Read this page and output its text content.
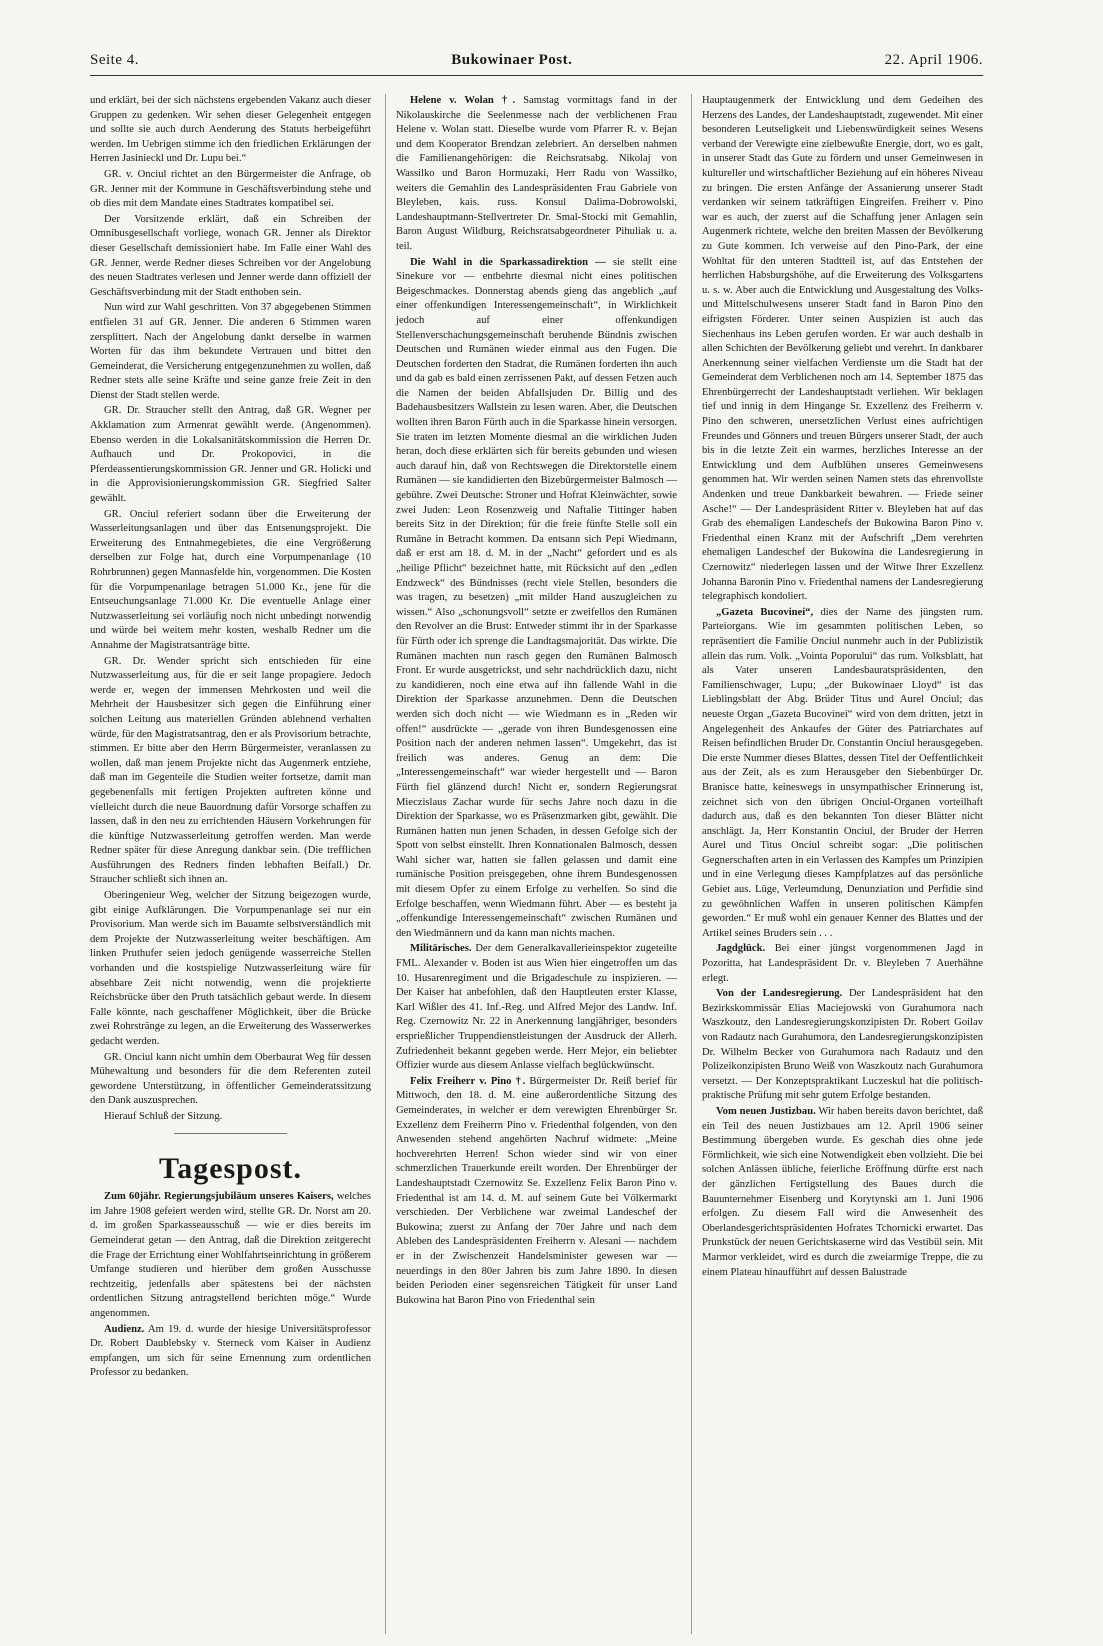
Seite 4.	Bukowinaer Post.	22. April 1906.

und erklärt, bei der sich nächstens ergebenden Vakanz auch dieser Gruppen zu gedenken. Wir sehen dieser Gelegenheit entgegen und sollte sie auch durch Aenderung des Statuts herbeigeführt werden. Im Uebrigen stimme ich den friedlichen Erklärungen der Herren Jasinieckl und Dr. Lupu bei.“

GR. v. Onciul richtet an den Bürgermeister die Anfrage, ob GR. Jenner mit der Kommune in Geschäftsverbindung stehe und ob dies mit dem Mandate eines Stadtrates kompatibel sei.

Der Vorsitzende erklärt, daß ein Schreiben der Omnibusgesellschaft vorliege, wonach GR. Jenner als Direktor dieser Gesellschaft demissioniert habe. Im Falle einer Wahl des GR. Jenner, werde Redner dieses Schreiben vor der Angelobung des neuen Stadtrates verlesen und Jenner werde dann offiziell der Geschäftsverbindung mit der Stadt enthoben sein.

Nun wird zur Wahl geschritten. Von 37 abgegebenen Stimmen entfielen 31 auf GR. Jenner. Die anderen 6 Stimmen waren zersplittert. Nach der Angelobung dankt derselbe in warmen Worten für das ihm bekundete Vertrauen und bittet den Gemeinderat, die Versicherung entgegenzunehmen zu wollen, daß Redner stets alle seine Kräfte und seine ganze freie Zeit in den Dienst der Stadt stellen werde.

GR. Dr. Straucher stellt den Antrag, daß GR. Wegner per Akklamation zum Armenrat gewählt werde. (Angenommen). Ebenso werden in die Lokalsanitätskommission die Herren Dr. Aufhauch und Dr. Prokopovici, in die Pferdeassentierungskommission GR. Jenner und GR. Holicki und in die Approvisionierungskommission GR. Siegfried Salter gewählt.

GR. Onciul referiert sodann über die Erweiterung der Wasserleitungsanlagen und über das Entsenungsprojekt. Die Erweiterung des Entnahmegebietes, die eine Vergrößerung derselben zur Folge hat, durch eine Vorpumpenanlage (10 Rohrbrunnen) gegen Mannasfelde hin, vorgenommen. Die Kosten für die Vorpumpenanlage betragen 51.000 Kr., jene für die Entseuchungsanlage 71.000 Kr. Die eventuelle Anlage einer Nutzwasserleitung sei vorläufig noch nicht unbedingt notwendig und würde bei weitem mehr kosten, weshalb Redner um die Annahme der Magistratsanträge bitte.

GR. Dr. Wender spricht sich entschieden für eine Nutzwasserleitung aus, für die er seit lange propagiere. Jedoch werde er, wegen der immensen Mehrkosten und weil die Mehrheit der Hausbesitzer sich gegen die Einführung einer solchen Leitung aus materiellen Gründen ablehnend verhalten würde, für den Magistratsantrag, den er als Provisorium betrachte, stimmen. Er bitte aber den Herrn Bürgermeister, veranlassen zu wollen, daß man jenem Projekte nicht das Augenmerk entziehe, daß man im Gegenteile die Studien weiter fortsetze, damit man gegebenenfalls mit fertigen Projekten auftreten könne und vielleicht durch die neue Bauordnung dafür Vorsorge schaffen zu lassen, daß in den neu zu errichtenden Häusern Vorkehrungen für die künftige Nutzwasserleitung getroffen werden. Man werde Redner später für diese Anregung dankbar sein. (Die trefflichen Ausführungen des Redners finden lebhaften Beifall.) Dr. Straucher schließt sich ihnen an.

Oberingenieur Weg, welcher der Sitzung beigezogen wurde, gibt einige Aufklärungen. Die Vorpumpenanlage sei nur ein Provisorium. Man werde sich im Bauamte selbstverständlich mit dem Projekte der Nutzwasserleitung weiter beschäftigen. Am linken Pruthufer seien jedoch genügende wasserreiche Stellen vorhanden und die kostspielige Nutzwasserleitung wäre für absehbare Zeit nicht notwendig, wenn die projektierte Reichsbrücke über den Pruth tatsächlich gebaut werde. In diesem Falle könnte, nach geschaffener Möglichkeit, über die Brücke zwei Rohrstränge zu legen, an die Erweiterung des Wasserwerkes gedacht werden.

GR. Onciul kann nicht umhin dem Oberbaurat Weg für dessen Mühewaltung und besonders für die dem Referenten zuteil gewordene Unterstützung, in öffentlicher Gemeinderatssitzung den Dank auszusprechen.

Hierauf Schluß der Sitzung.

Tagespost.

Zum 60jähr. Regierungsjubiläum unseres Kaisers, welches im Jahre 1908 gefeiert werden wird, stellte GR. Dr. Norst am 20. d. im großen Sparkasseausschuß — wie er dies bereits im Gemeinderat getan — den Antrag, daß die Direktion zeitgerecht die Frage der Errichtung einer Wohlfahrtseinrichtung in größerem Umfange studieren und hierüber dem großen Ausschusse rechtzeitig, jedenfalls aber spätestens bei der nächsten ordentlichen Sitzung antragstellend berichten möge.“ Wurde angenommen.

Audienz. Am 19. d. wurde der hiesige Universitätsprofessor Dr. Robert Daublebsky v. Sterneck vom Kaiser in Audienz empfangen, um sich für seine Ernennung zum ordentlichen Professor zu bedanken.

Helene v. Wolan †. Samstag vormittags fand in der Nikolauskirche die Seelenmesse nach der verblichenen Frau Helene v. Wolan statt. Dieselbe wurde vom Pfarrer R. v. Bejan und dem Kooperator Brendzan zelebriert. An derselben nahmen die Familienangehörigen: die Reichsratsabg. Nikolaj von Wassilko und Baron Hormuzaki, Herr Radu von Wassilko, weiters die Gemahlin des Landespräsidenten Frau Gabriele von Bleyleben, kais. russ. Konsul Dalima-Dobrowolski, Landeshauptmann-Stellvertreter Dr. Smal-Stocki mit Gemahlin, Baron August Wildburg, Reichsratsabgeordneter Pihuliak u. a. teil.

Die Wahl in die Sparkassadirektion — sie stellt eine Sinekure vor — entbehrte diesmal nicht eines politischen Beigeschmackes. Donnerstag abends gieng das angeblich „auf einer offenkundigen Interessengemeinschaft“, in Wirklichkeit jedoch auf einer offenkundigen Stellenverschachungsgemeinschaft beruhende Bündnis zwischen Deutschen und Rumänen wieder einmal aus den Fugen. Die Deutschen forderten den Stadrat, die Rumänen forderten ihn auch und da gab es bald einen zerrissenen Pakt, auf dessen Fetzen auch die Namen der beiden Abfallsjuden Dr. Billig und des Badehausbesitzers Wallstein zu lesen waren. Aber, die Deutschen wollten ihren Baron Fürth auch in die Sparkasse hinein versorgen. Sie traten im letzten Momente diesmal an die wirklichen Juden heran, doch diese erklärten sich für bereits gebunden und wiesen auch darauf hin, daß von Rechtswegen die Direktorstelle einem Rumänen — sie kandidierten den Bizebürgermeister Balmosch — gebühre. Zwei Deutsche: Stroner und Hofrat Kleinwächter, sowie zwei Juden: Leon Rosenzweig und Naftalie Tittinger haben bereits Sitz in der Direktion; für die freie fünfte Stelle soll ein Rumäne in Betracht kommen. Da entsann sich Pepi Wiedmann, daß er erst am 18. d. M. in der „Nacht“ gefordert und es als „heilige Pflicht“ bezeichnet hatte, mit Rücksicht auf den „edlen Endzweck“ des Bündnisses (recht viele Stellen, besonders die was tragen, zu besetzen) „mit milder Hand auszugleichen zu wissen.“ Also „schonungsvoll“ setzte er zweifellos den Rumänen den Revolver an die Brust: Entweder stimmt ihr in der Sparkasse für Fürth oder ich sprenge die Landtagsmajorität. Das wirkte. Die Rumänen machten nun rasch gegen den Rumänen Balmosch Front. Er wurde ausgetrickst, und sehr nachdrücklich dazu, nicht zu kandidieren, noch eine etwa auf ihn fallende Wahl in die Direktion der Sparkasse anzunehmen. Denn die Deutschen werden sich doch nicht — wie Wiedmann es in „Reden wir offen!“ ausdrückte — „gerade von ihren Bundesgenossen eine Position nach der anderen nehmen lassen“. Umgekehrt, das ist freilich was anderes. Genug an dem: Die „Interessengemeinschaft“ war wieder hergestellt und — Baron Fürth fiel glänzend durch! Nicht er, sondern Regierungsrat Mieczislaus Zachar wurde für sechs Jahre noch dazu in die Direktion der Sparkasse, wo es Präsenzmarken gibt, gewählt. Die Rumänen hatten nun jenen Schaden, in dessen Gefolge sich der Spott von selbst einstellt. Ihren Konnationalen Balmosch, dessen Wahl sicher war, hatten sie fallen gelassen und damit eine rumänische Position preisgegeben, ohne ihrem Bundesgenossen mit diesem Opfer zu einem Erfolge zu verhelfen. So sind die Erfolge beschaffen, wenn Wiedmann führt. Aber — es besteht ja „offenkundige Interessengemeinschaft“ zwischen Rumänen und den Wiedmännern und da kann man nichts machen.

Militärisches. Der dem Generalkavallerieinspektor zugeteilte FML. Alexander v. Boden ist aus Wien hier eingetroffen um das 10. Husarenregiment und die Brigadeschule zu inspizieren. — Der Kaiser hat anbefohlen, daß den Hauptleuten erster Klasse, Karl Wißler des 41. Inf.-Reg. und Alfred Mejor des Landw. Inf. Reg. Czernowitz Nr. 22 in Anerkennung langjähriger, besonders ersprießlicher Truppendienstleistungen der Ausdruck der Allerh. Zufriedenheit bekannt gegeben werde. Herr Mejor, ein beliebter Offizier wurde aus diesem Anlasse vielfach beglückwünscht.

Felix Freiherr v. Pino †. Bürgermeister Dr. Reiß berief für Mittwoch, den 18. d. M. eine außerordentliche Sitzung des Gemeinderates, in welcher er dem verewigten Ehrenbürger Sr. Exzellenz dem Freiherrn Pino v. Friedenthal folgenden, von den Anwesenden stehend angehörten Nachruf widmete: „Meine hochverehrten Herren! Schon wieder sind wir von einer schmerzlichen Trauerkunde ereilt worden. Der Ehrenbürger der Landeshauptstadt Czernowitz Se. Exzellenz Felix Baron Pino v. Friedenthal ist am 14. d. M. auf seinem Gute bei Völkermarkt verschieden. Der Verblichene war zweimal Landeschef der Bukowina; zuerst zu Anfang der 70er Jahre und nach dem Ableben des Landespräsidenten Freiherrn v. Alesani — nachdem er in der Zwischenzeit Handelsminister gewesen war — neuerdings in den 80er Jahren bis zum Jahre 1890. In diesen beiden Perioden einer segensreichen Tätigkeit für unser Land Bukowina hat Baron Pino von Friedenthal sein

Hauptaugenmerk der Entwicklung und dem Gedeihen des Herzens des Landes, der Landeshauptstadt, zugewendet. Mit einer besonderen Leutseligkeit und Liebenswürdigkeit seines Wesens verband der Verewigte eine zielbewußte Energie, dort, wo es galt, in unserer Stadt das Gute zu fördern und unser Gemeinwesen in kultureller und wirtschaftlicher Beziehung auf ein höheres Niveau zu bringen. Die ersten Anfänge der Assanierung unserer Stadt verdanken wir seinem tatkräftigen Eingreifen. Freiherr v. Pino war es auch, der zuerst auf die Schaffung jener Anlagen sein Augenmerk richtete, welche den breiten Massen der Bevölkerung zu Gute kommen. Ich verweise auf den Pino-Park, der eine Wohltat für den unteren Stadtteil ist, auf das Entstehen der herrlichen Habsburgshöhe, auf die Erweiterung des Volksgartens u. s. w. Aber auch die Entwicklung und Ausgestaltung des Volks- und Mittelschulwesens unserer Stadt fand in Baron Pino den eifrigsten Förderer. Unter seinen Auspizien ist auch das Siechenhaus ins Leben gerufen worden. Er war auch deshalb in allen Schichten der Bevölkerung geliebt und verehrt. In dankbarer Anerkennung seiner vielfachen Verdienste um die Stadt hat der Gemeinderat dem Verblichenen noch am 14. September 1875 das Ehrenbürgerrecht der Landeshauptstadt verliehen. Wir beklagen tief und innig in dem Hingange Sr. Exzellenz des Freiherrn v. Pino den schweren, unersetzlichen Verlust eines aufrichtigen Freundes und Gönners und treuen Bürgers unserer Stadt, der auch bis in die letzte Zeit ein warmes, herzliches Interesse an der Entwicklung und dem Aufblühen unseres Gemeinwesens genommen hat. Wir werden seinen Namen stets das ehrenvollste Andenken und treue Dankbarkeit bewahren. — Friede seiner Asche!“ — Der Landespräsident Ritter v. Bleyleben hat auf das Grab des ehemaligen Landeschefs der Bukowina Baron Pino v. Friedenthal einen Kranz mit der Aufschrift „Dem verehrten ehemaligen Landeschef der Bukowina die Landesregierung in Czernowitz“ niederlegen lassen und der Witwe Ihrer Exzellenz Johanna Baronin Pino v. Friedenthal namens der Landesregierung telegraphisch kondoliert.

„Gazeta Bucovinei“, dies der Name des jüngsten rum. Parteiorgans. Wie im gesammten politischen Leben, so repräsentiert die Familie Onciul nunmehr auch in der Publizistik allein das rum. Volk. „Vointa Poporului“ das rum. Volksblatt, hat als Vater unseren Landesbauratspräsidenten, den Familienschwager, Lupu; „der Bukowinaer Lloyd“ ist das Lieblingsblatt der Abg. Brüder Titus und Aurel Onciul; das neueste Organ „Gazeta Bucovinei“ wird von dem dritten, jetzt in Angelegenheit des Ankaufes der Güter des Patriarchates auf Reisen befindlichen Bruder Dr. Constantin Onciul herausgegeben. Die erste Nummer dieses Blattes, dessen Titel der Oeffentlichkeit aus der Zeit, als es zum Herausgeber den Siebenbürger Dr. Branisce hatte, keineswegs in unsympathischer Erinnerung ist, zeichnet sich von den übrigen Onciul-Organen vorteilhaft dadurch aus, daß es den bekannten Ton dieser Blätter nicht anschlägt. Ja, Herr Konstantin Onciul, der Bruder der Herren Aurel und Titus Onciul schreibt sogar: „Die politischen Gegnerschaften arten in ein Verlassen des Kampfes um Prinzipien und in eine Verlegung dieses Kampfplatzes auf das persönliche Gebiet aus. Lüge, Verleumdung, Denunziation und Perfidie sind zu gewöhnlichen Waffen in unseren politischen Kämpfen geworden.“ Er muß wohl ein genauer Kenner des Blattes und der Artikel seines Bruders sein . . .

Jagdglück. Bei einer jüngst vorgenommenen Jagd in Pozoritta, hat Landespräsident Dr. v. Bleyleben 7 Auerhähne erlegt.

Von der Landesregierung. Der Landespräsident hat den Bezirkskommissär Elias Maciejowski von Gurahumora nach Waszkoutz, den Landesregierungskonzipisten Dr. Robert Goilav von Radautz nach Gurahumora, den Landesregierungskonzipisten Dr. Wilhelm Becker von Gurahumora nach Radautz und den Polizeikonzipisten Bruno Weiß von Waszkoutz nach Gurahumora versetzt. — Der Konzeptspraktikant Luczeskul hat die politisch-praktische Prüfung mit sehr gutem Erfolge bestanden.

Vom neuen Justizbau. Wir haben bereits davon berichtet, daß ein Teil des neuen Justizbaues am 12. April 1906 seiner Bestimmung übergeben wurde. Es geschah dies ohne jede Förmlichkeit, wie sich eine Notwendigkeit eben vollzieht. Die bei solchen Anlässen übliche, feierliche Eröffnung dürfte erst nach der gänzlichen Fertigstellung des Baues durch die Bauunternehmer Eisenberg und Korytynski am 1. Juni 1906 erfolgen. Zu diesem Fall wird die Anwesenheit des Oberlandesgerichtspräsidenten Hofrates Tchornicki erwartet. Das Prunkstück der neuen Gerichtskaserne wird das Vestibül sein. Mit Marmor verkleidet, wird es durch die zweiarmige Treppe, die zu einem Plateau hinaufführt auf dessen Balustrade
